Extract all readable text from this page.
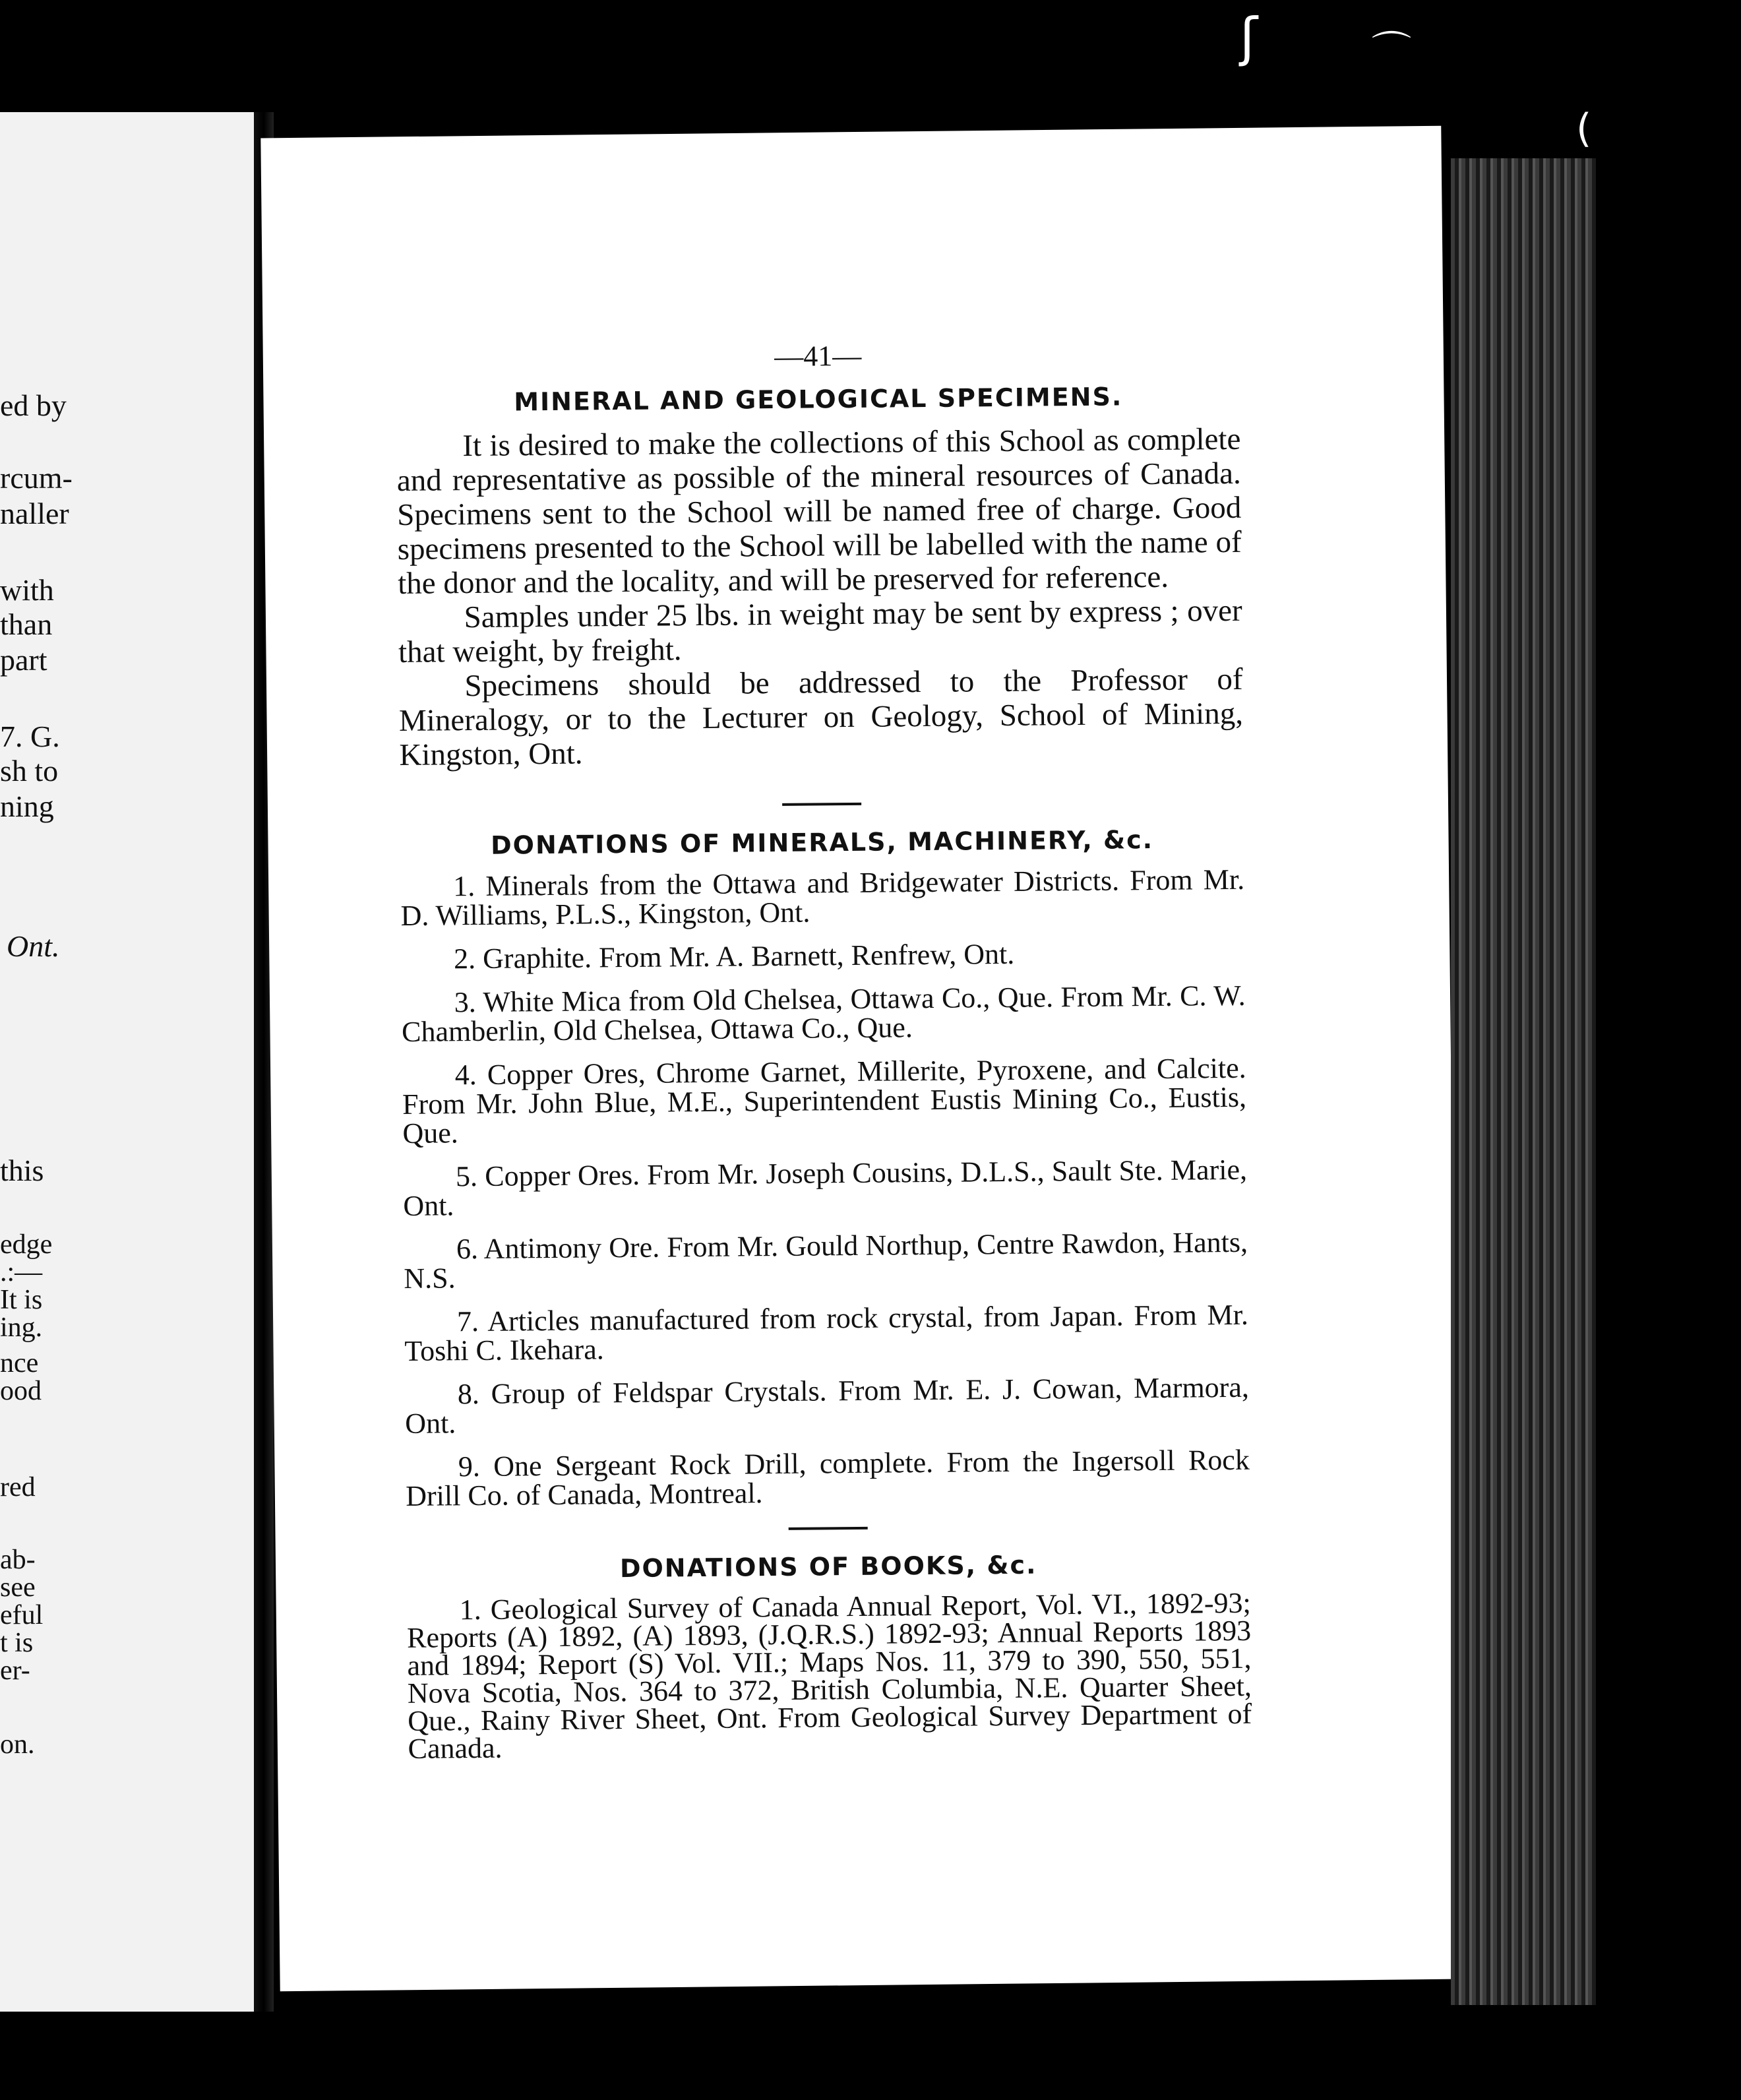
ed by
rcum-
naller
with
than
part
7. G.
sh to
ning
Ont.
this
edge
.:—
It is
ing.
nce
ood
red
ab-
see
eful
t is
er-
on.
—41—
MINERAL AND GEOLOGICAL SPECIMENS.

It is desired to make the collections of this School as complete and representative as possible of the mineral resources of Canada. Specimens sent to the School will be named free of charge. Good specimens presented to the School will be labelled with the name of the donor and the locality, and will be preserved for reference.

Samples under 25 lbs. in weight may be sent by express ; over that weight, by freight.

Specimens should be addressed to the Professor of Mineralogy, or to the Lecturer on Geology, School of Mining, Kingston, Ont.

DONATIONS OF MINERALS, MACHINERY, &c.

1. Minerals from the Ottawa and Bridgewater Districts. From Mr. D. Williams, P.L.S., Kingston, Ont.

2. Graphite. From Mr. A. Barnett, Renfrew, Ont.

3. White Mica from Old Chelsea, Ottawa Co., Que. From Mr. C. W. Chamberlin, Old Chelsea, Ottawa Co., Que.

4. Copper Ores, Chrome Garnet, Millerite, Pyroxene, and Calcite. From Mr. John Blue, M.E., Superintendent Eustis Mining Co., Eustis, Que.

5. Copper Ores. From Mr. Joseph Cousins, D.L.S., Sault Ste. Marie, Ont.

6. Antimony Ore. From Mr. Gould Northup, Centre Rawdon, Hants, N.S.

7. Articles manufactured from rock crystal, from Japan. From Mr. Toshi C. Ikehara.

8. Group of Feldspar Crystals. From Mr. E. J. Cowan, Marmora, Ont.

9. One Sergeant Rock Drill, complete. From the Ingersoll Rock Drill Co. of Canada, Montreal.

DONATIONS OF BOOKS, &c.

1. Geological Survey of Canada Annual Report, Vol. VI., 1892-93; Reports (A) 1892, (A) 1893, (J.Q.R.S.) 1892-93; Annual Reports 1893 and 1894; Report (S) Vol. VII.; Maps Nos. 11, 379 to 390, 550, 551, Nova Scotia, Nos. 364 to 372, British Columbia, N.E. Quarter Sheet, Que., Rainy River Sheet, Ont. From Geological Survey Department of Canada.

ʃ	⌒
(
